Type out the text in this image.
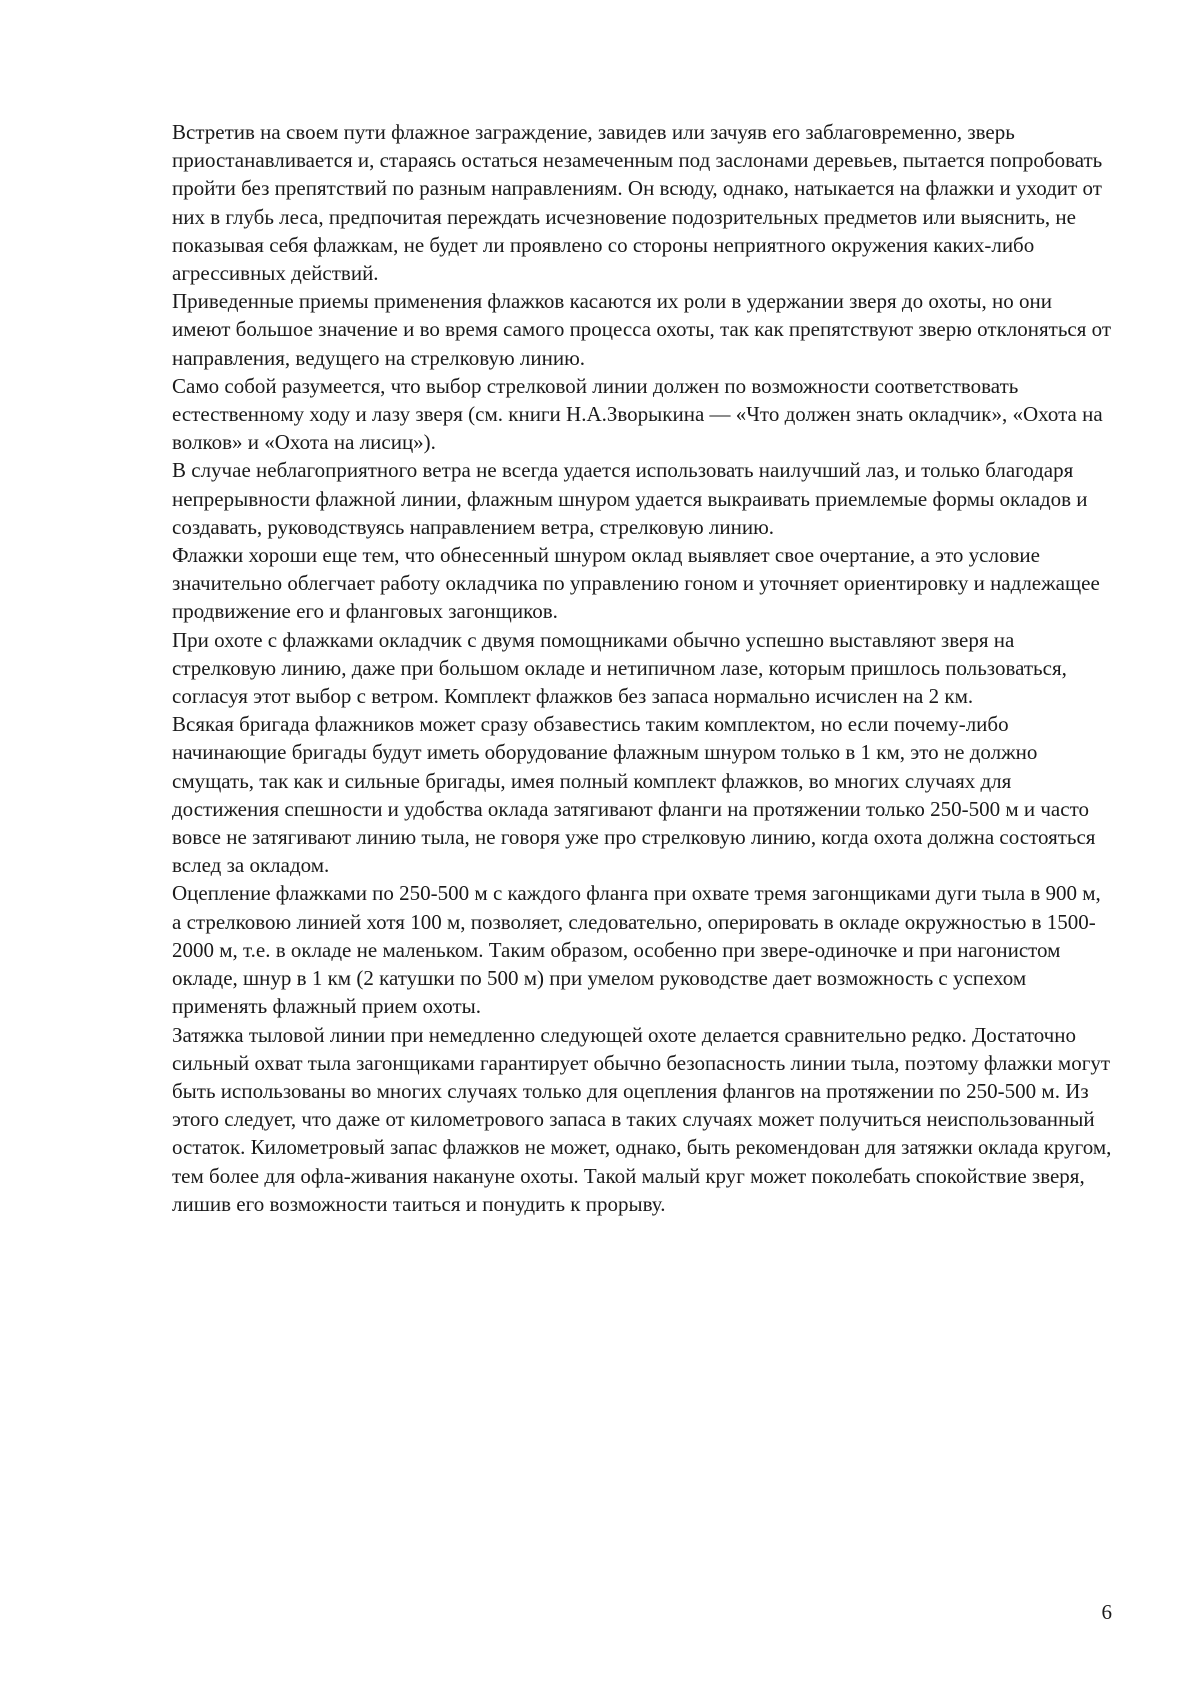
Встретив на своем пути флажное заграждение, завидев или зачуяв его заблаговременно, зверь приостанавливается и, стараясь остаться незамеченным под заслонами деревьев, пытается попробовать пройти без препятствий по разным направлениям. Он всюду, однако, натыкается на флажки и уходит от них в глубь леса, предпочитая переждать исчезновение подозрительных предметов или выяснить, не показывая себя флажкам, не будет ли проявлено со стороны неприятного окружения каких-либо агрессивных действий.

Приведенные приемы применения флажков касаются их роли в удержании зверя до охоты, но они имеют большое значение и во время самого процесса охоты, так как препятствуют зверю отклоняться от направления, ведущего на стрелковую линию.

Само собой разумеется, что выбор стрелковой линии должен по возможности соответствовать естественному ходу и лазу зверя (см. книги Н.А.Зворыкина — «Что должен знать окладчик», «Охота на волков» и «Охота на лисиц»).

В случае неблагоприятного ветра не всегда удается использовать наилучший лаз, и только благодаря непрерывности флажной линии, флажным шнуром удается выкраивать приемлемые формы окладов и создавать, руководствуясь направлением ветра, стрелковую линию.

Флажки хороши еще тем, что обнесенный шнуром оклад выявляет свое очертание, а это условие значительно облегчает работу окладчика по управлению гоном и уточняет ориентировку и надлежащее продвижение его и фланговых загонщиков.

При охоте с флажками окладчик с двумя помощниками обычно успешно выставляют зверя на стрелковую линию, даже при большом окладе и нетипичном лазе, которым пришлось пользоваться, согласуя этот выбор с ветром. Комплект флажков без запаса нормально исчислен на 2 км.

Всякая бригада флажников может сразу обзавестись таким комплектом, но если почему-либо начинающие бригады будут иметь оборудование флажным шнуром только в 1 км, это не должно смущать, так как и сильные бригады, имея полный комплект флажков, во многих случаях для достижения спешности и удобства оклада затягивают фланги на протяжении только 250-500 м и часто вовсе не затягивают линию тыла, не говоря уже про стрелковую линию, когда охота должна состояться вслед за окладом.

Оцепление флажками по 250-500 м с каждого фланга при охвате тремя загонщиками дуги тыла в 900 м, а стрелковою линией хотя 100 м, позволяет, следовательно, оперировать в окладе окружностью в 1500-2000 м, т.е. в окладе не маленьком. Таким образом, особенно при звере-одиночке и при нагонистом окладе, шнур в 1 км (2 катушки по 500 м) при умелом руководстве дает возможность с успехом применять флажный прием охоты.

Затяжка тыловой линии при немедленно следующей охоте делается сравнительно редко. Достаточно сильный охват тыла загонщиками гарантирует обычно безопасность линии тыла, поэтому флажки могут быть использованы во многих случаях только для оцепления флангов на протяжении по 250-500 м. Из этого следует, что даже от километрового запаса в таких случаях может получиться неиспользованный остаток. Километровый запас флажков не может, однако, быть рекомендован для затяжки оклада кругом, тем более для офла-живания накануне охоты. Такой малый круг может поколебать спокойствие зверя, лишив его возможности таиться и понудить к прорыву.

6
